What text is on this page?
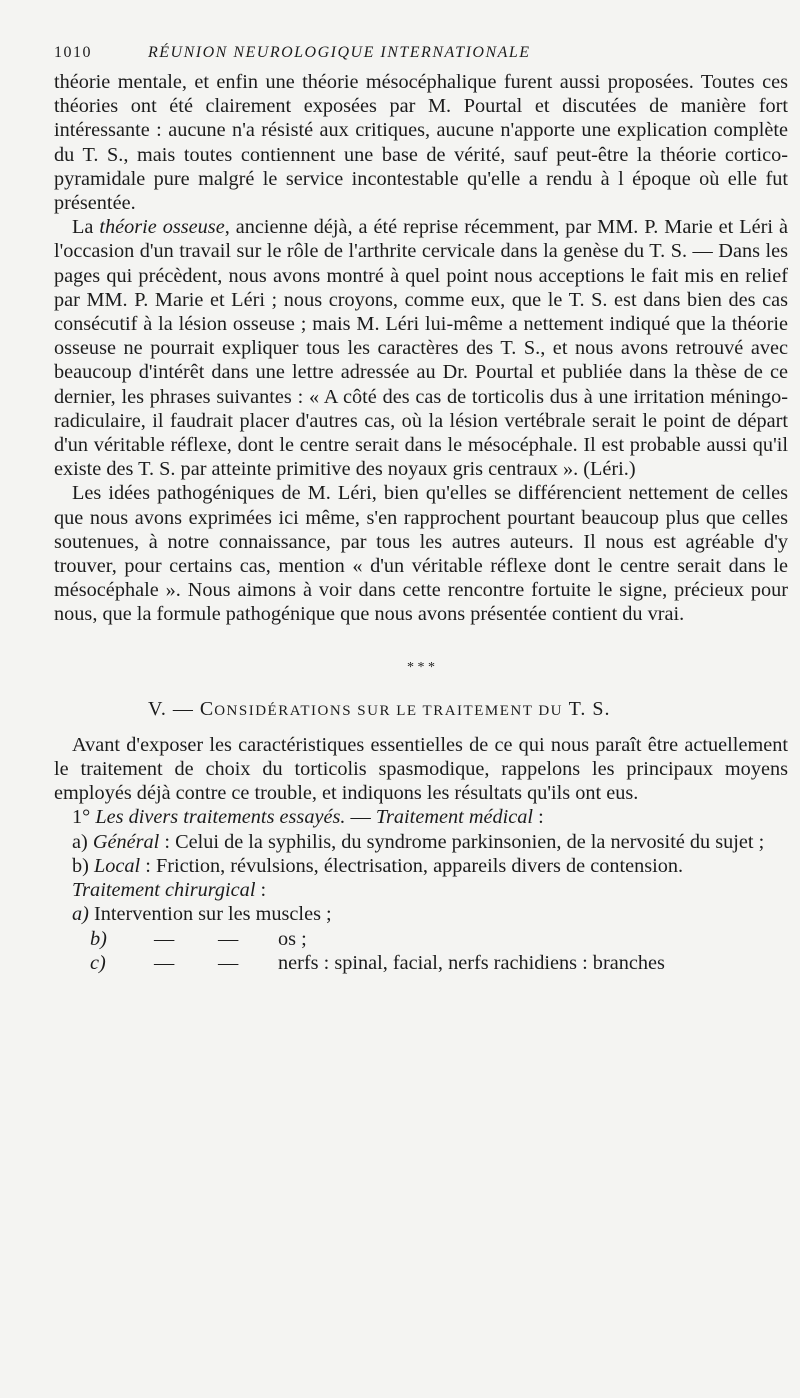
1010	RÉUNION NEUROLOGIQUE INTERNATIONALE

théorie mentale, et enfin une théorie mésocéphalique furent aussi proposées. Toutes ces théories ont été clairement exposées par M. Pourtal et discutées de manière fort intéressante : aucune n'a résisté aux critiques, aucune n'apporte une explication complète du T. S., mais toutes contiennent une base de vérité, sauf peut-être la théorie cortico-pyramidale pure malgré le service incontestable qu'elle a rendu à l époque où elle fut présentée.

La théorie osseuse, ancienne déjà, a été reprise récemment, par MM. P. Marie et Léri à l'occasion d'un travail sur le rôle de l'arthrite cervicale dans la genèse du T. S. — Dans les pages qui précèdent, nous avons montré à quel point nous acceptions le fait mis en relief par MM. P. Marie et Léri ; nous croyons, comme eux, que le T. S. est dans bien des cas consécutif à la lésion osseuse ; mais M. Léri lui-même a nettement indiqué que la théorie osseuse ne pourrait expliquer tous les caractères des T. S., et nous avons retrouvé avec beaucoup d'intérêt dans une lettre adressée au Dr. Pourtal et publiée dans la thèse de ce dernier, les phrases suivantes : « A côté des cas de torticolis dus à une irritation méningo-radiculaire, il faudrait placer d'autres cas, où la lésion vertébrale serait le point de départ d'un véritable réflexe, dont le centre serait dans le mésocéphale. Il est probable aussi qu'il existe des T. S. par atteinte primitive des noyaux gris centraux ». (Léri.)

Les idées pathogéniques de M. Léri, bien qu'elles se différencient nettement de celles que nous avons exprimées ici même, s'en rapprochent pourtant beaucoup plus que celles soutenues, à notre connaissance, par tous les autres auteurs. Il nous est agréable d'y trouver, pour certains cas, mention « d'un véritable réflexe dont le centre serait dans le mésocéphale ». Nous aimons à voir dans cette rencontre fortuite le signe, précieux pour nous, que la formule pathogénique que nous avons présentée contient du vrai.

* * *
V. — CONSIDÉRATIONS SUR LE TRAITEMENT DU T. S.

Avant d'exposer les caractéristiques essentielles de ce qui nous paraît être actuellement le traitement de choix du torticolis spasmodique, rappelons les principaux moyens employés déjà contre ce trouble, et indiquons les résultats qu'ils ont eus.

1° Les divers traitements essayés. — Traitement médical :

a) Général : Celui de la syphilis, du syndrome parkinsonien, de la nervosité du sujet ;

b) Local : Friction, révulsions, électrisation, appareils divers de contension.

Traitement chirurgical :

a) Intervention sur les muscles ;

b) — — os ;

c) — — nerfs : spinal, facial, nerfs rachidiens : branches
